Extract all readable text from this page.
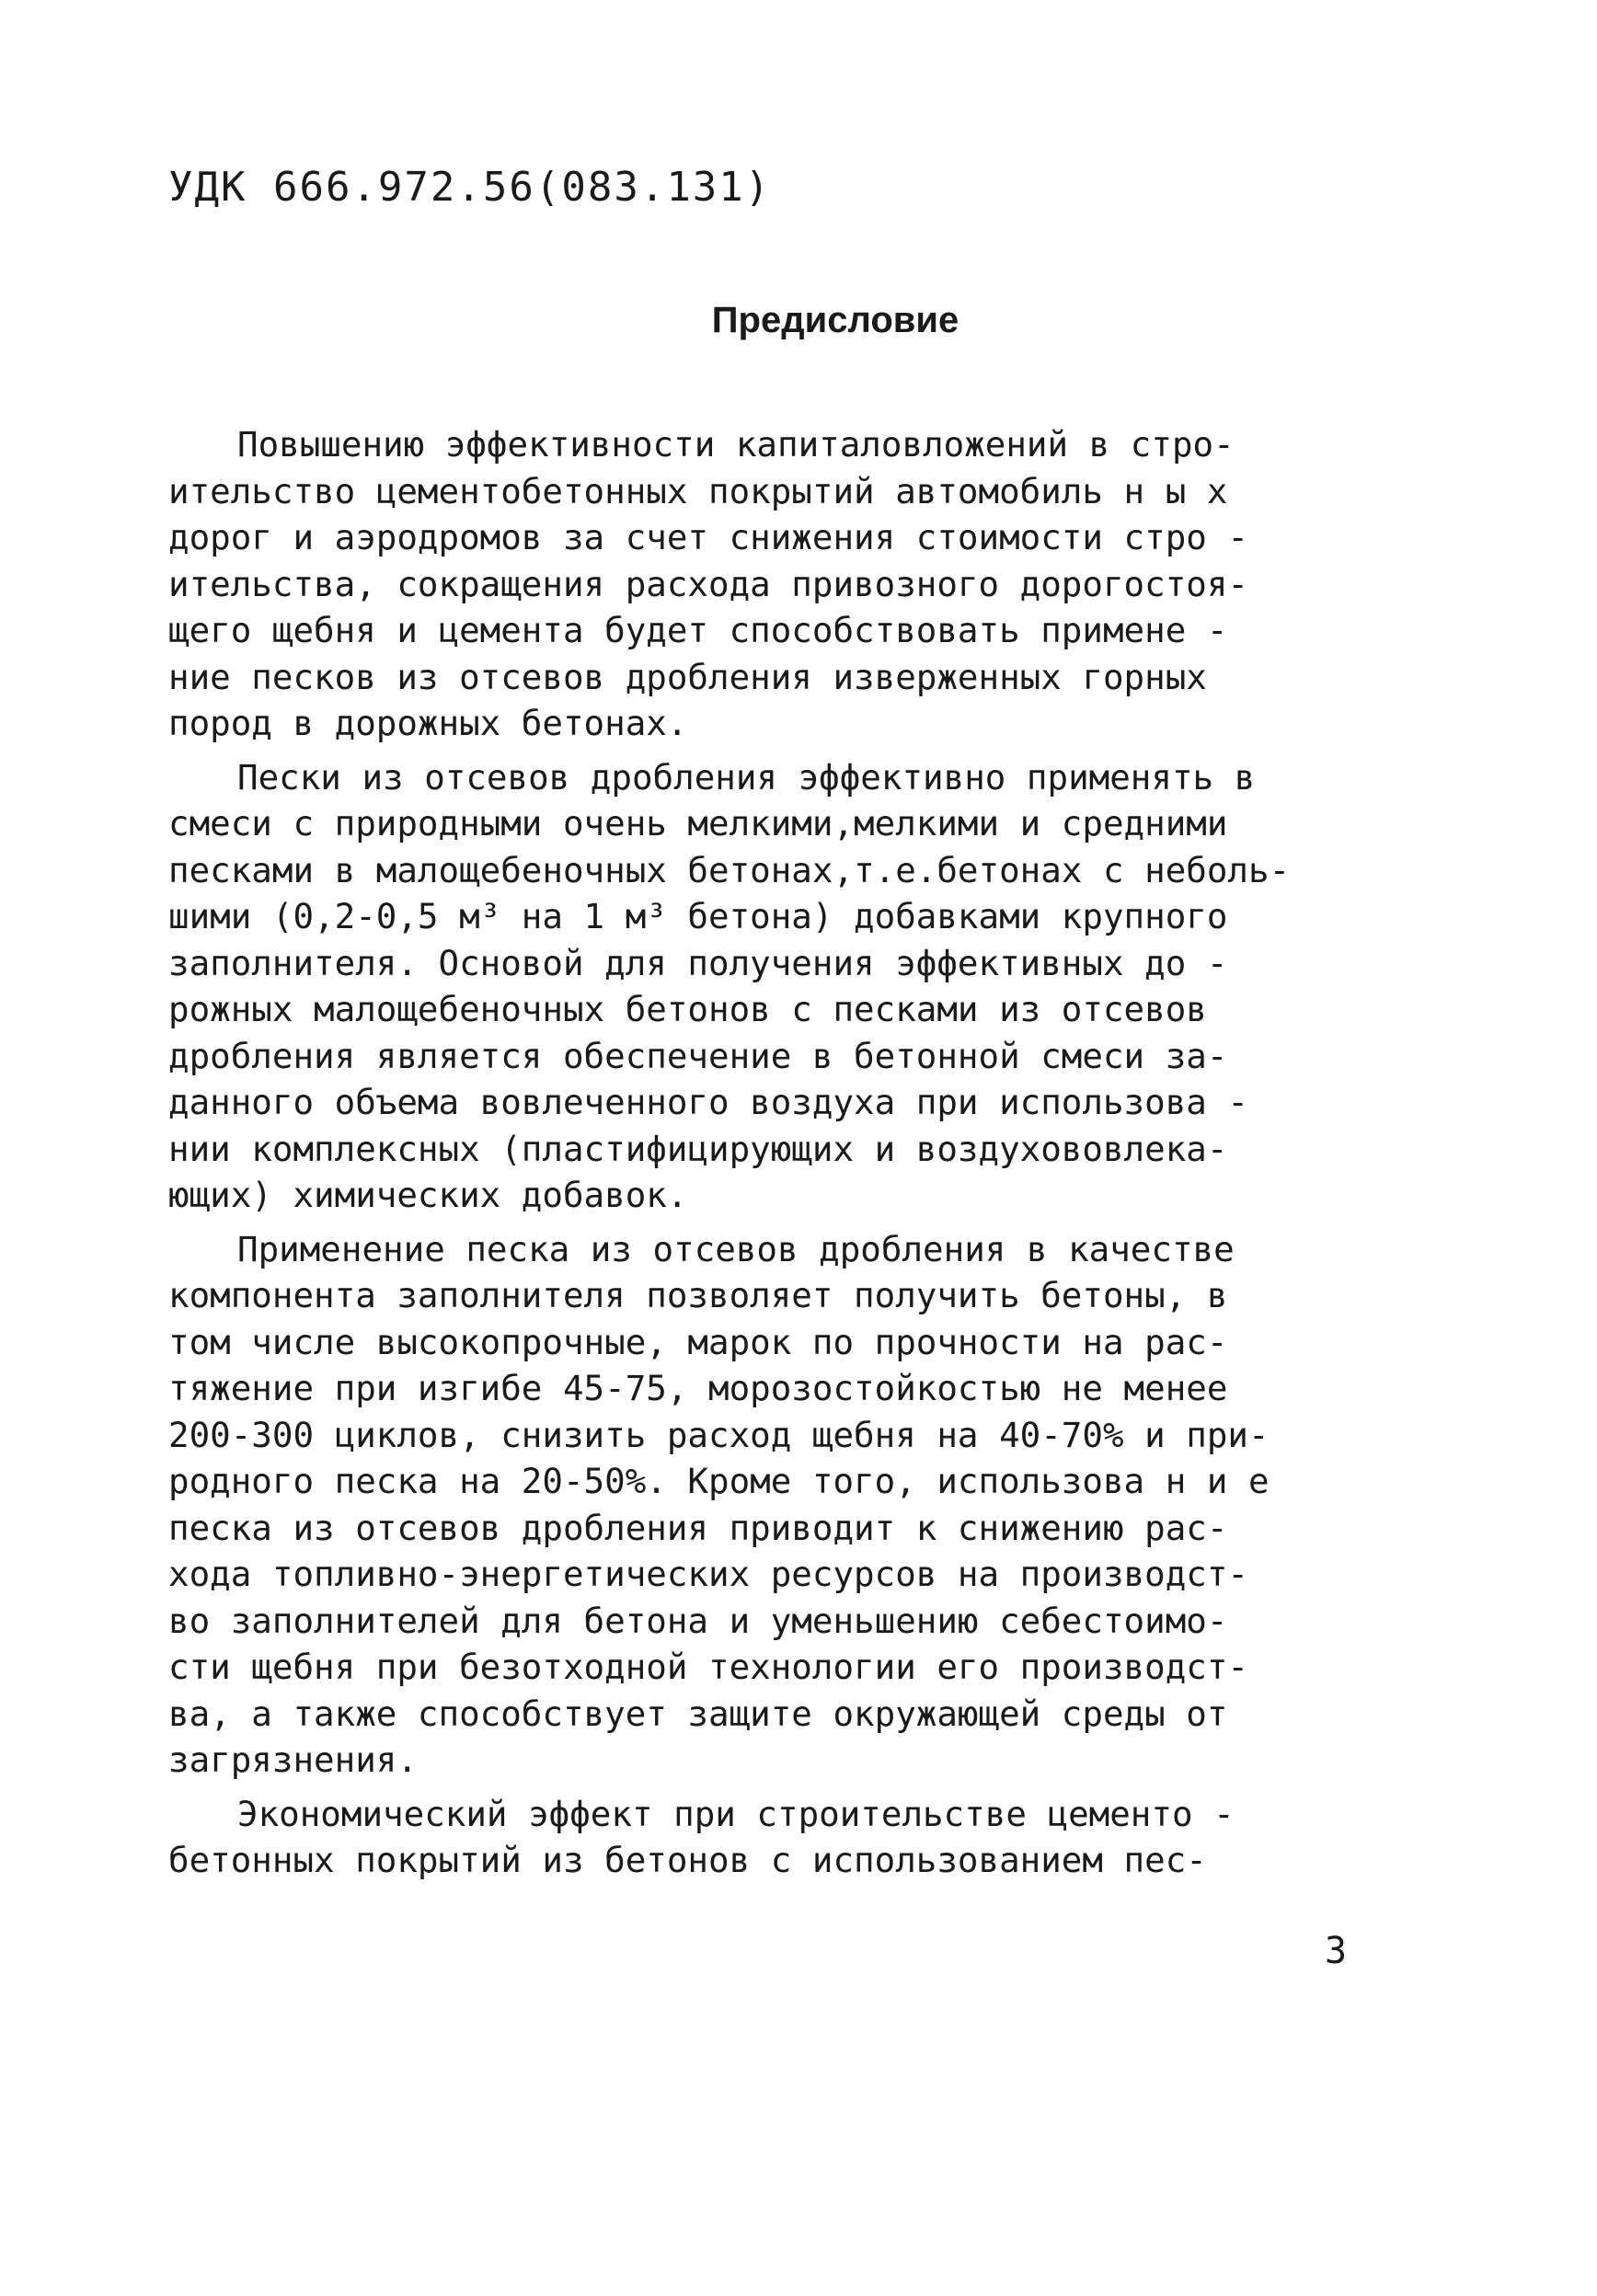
УДК 666.972.56(083.131)
Предисловие
Повышению эффективности капиталовложений в стро-
ительство цементобетонных покрытий автомобиль н ы х
дорог и аэродромов за счет снижения стоимости стро -
ительства, сокращения расхода привозного дорогостоя-
щего щебня и цемента будет способствовать примене -
ние песков из отсевов дробления изверженных горных
пород в дорожных бетонах.
Пески из отсевов дробления эффективно применять в
смеси с природными очень мелкими,мелкими и средними
песками в малощебеночных бетонах,т.е.бетонах с неболь-
шими (0,2-0,5 м³ на 1 м³ бетона) добавками крупного
заполнителя. Основой для получения эффективных до -
рожных малощебеночных бетонов с песками из отсевов
дробления является обеспечение в бетонной смеси за-
данного объема вовлеченного воздуха при использова -
нии комплексных (пластифицирующих и воздухововлека-
ющих) химических добавок.
Применение песка из отсевов дробления в качестве
компонента заполнителя позволяет получить бетоны, в
том числе высокопрочные, марок по прочности на рас-
тяжение при изгибе 45-75, морозостойкостью не менее
200-300 циклов, снизить расход щебня на 40-70% и при-
родного песка на 20-50%. Кроме того, использова н и е
песка из отсевов дробления приводит к снижению рас-
хода топливно-энергетических ресурсов на производст-
во заполнителей для бетона и уменьшению себестоимо-
сти щебня при безотходной технологии его производст-
ва, а также способствует защите окружающей среды от
загрязнения.
Экономический эффект при строительстве цементо -
бетонных покрытий из бетонов с использованием пес-
3
